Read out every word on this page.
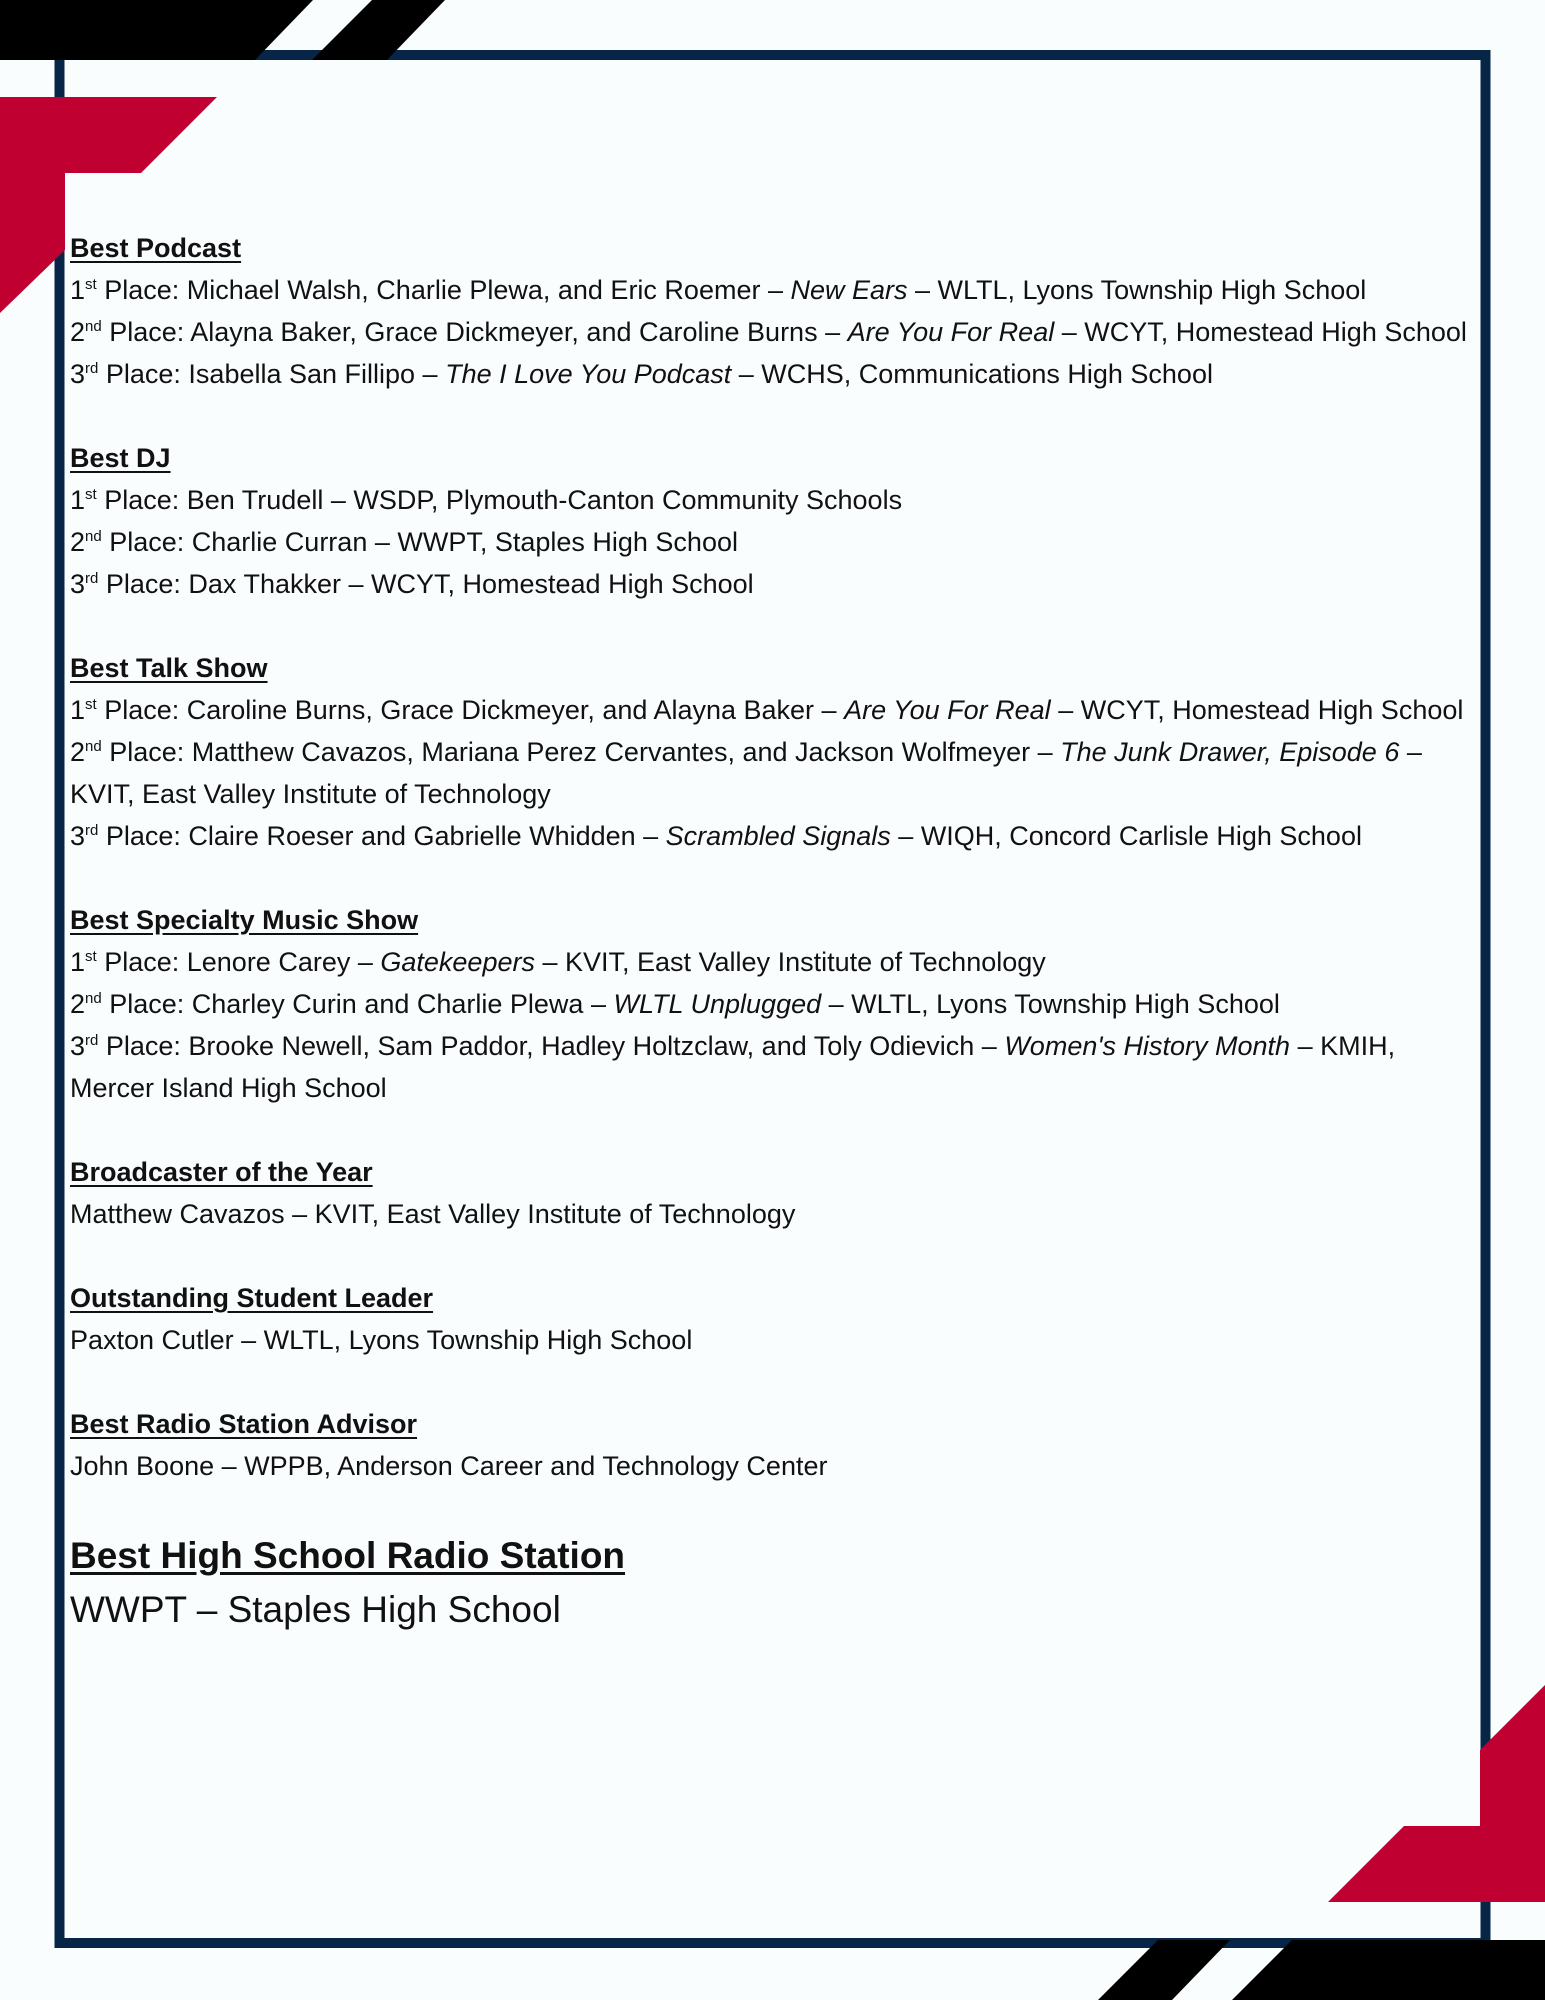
Best Podcast
1st Place: Michael Walsh, Charlie Plewa, and Eric Roemer – New Ears – WLTL, Lyons Township High School
2nd Place: Alayna Baker, Grace Dickmeyer, and Caroline Burns – Are You For Real – WCYT, Homestead High School
3rd Place: Isabella San Fillipo – The I Love You Podcast – WCHS, Communications High School
Best DJ
1st Place: Ben Trudell – WSDP, Plymouth-Canton Community Schools
2nd Place: Charlie Curran – WWPT, Staples High School
3rd Place: Dax Thakker – WCYT, Homestead High School
Best Talk Show
1st Place: Caroline Burns, Grace Dickmeyer, and Alayna Baker – Are You For Real – WCYT, Homestead High School
2nd Place: Matthew Cavazos, Mariana Perez Cervantes, and Jackson Wolfmeyer – The Junk Drawer, Episode 6 – KVIT, East Valley Institute of Technology
3rd Place: Claire Roeser and Gabrielle Whidden – Scrambled Signals – WIQH, Concord Carlisle High School
Best Specialty Music Show
1st Place: Lenore Carey – Gatekeepers – KVIT, East Valley Institute of Technology
2nd Place: Charley Curin and Charlie Plewa – WLTL Unplugged – WLTL, Lyons Township High School
3rd Place: Brooke Newell, Sam Paddor, Hadley Holtzclaw, and Toly Odievich – Women's History Month – KMIH, Mercer Island High School
Broadcaster of the Year
Matthew Cavazos – KVIT, East Valley Institute of Technology
Outstanding Student Leader
Paxton Cutler – WLTL, Lyons Township High School
Best Radio Station Advisor
John Boone – WPPB, Anderson Career and Technology Center
Best High School Radio Station
WWPT – Staples High School
